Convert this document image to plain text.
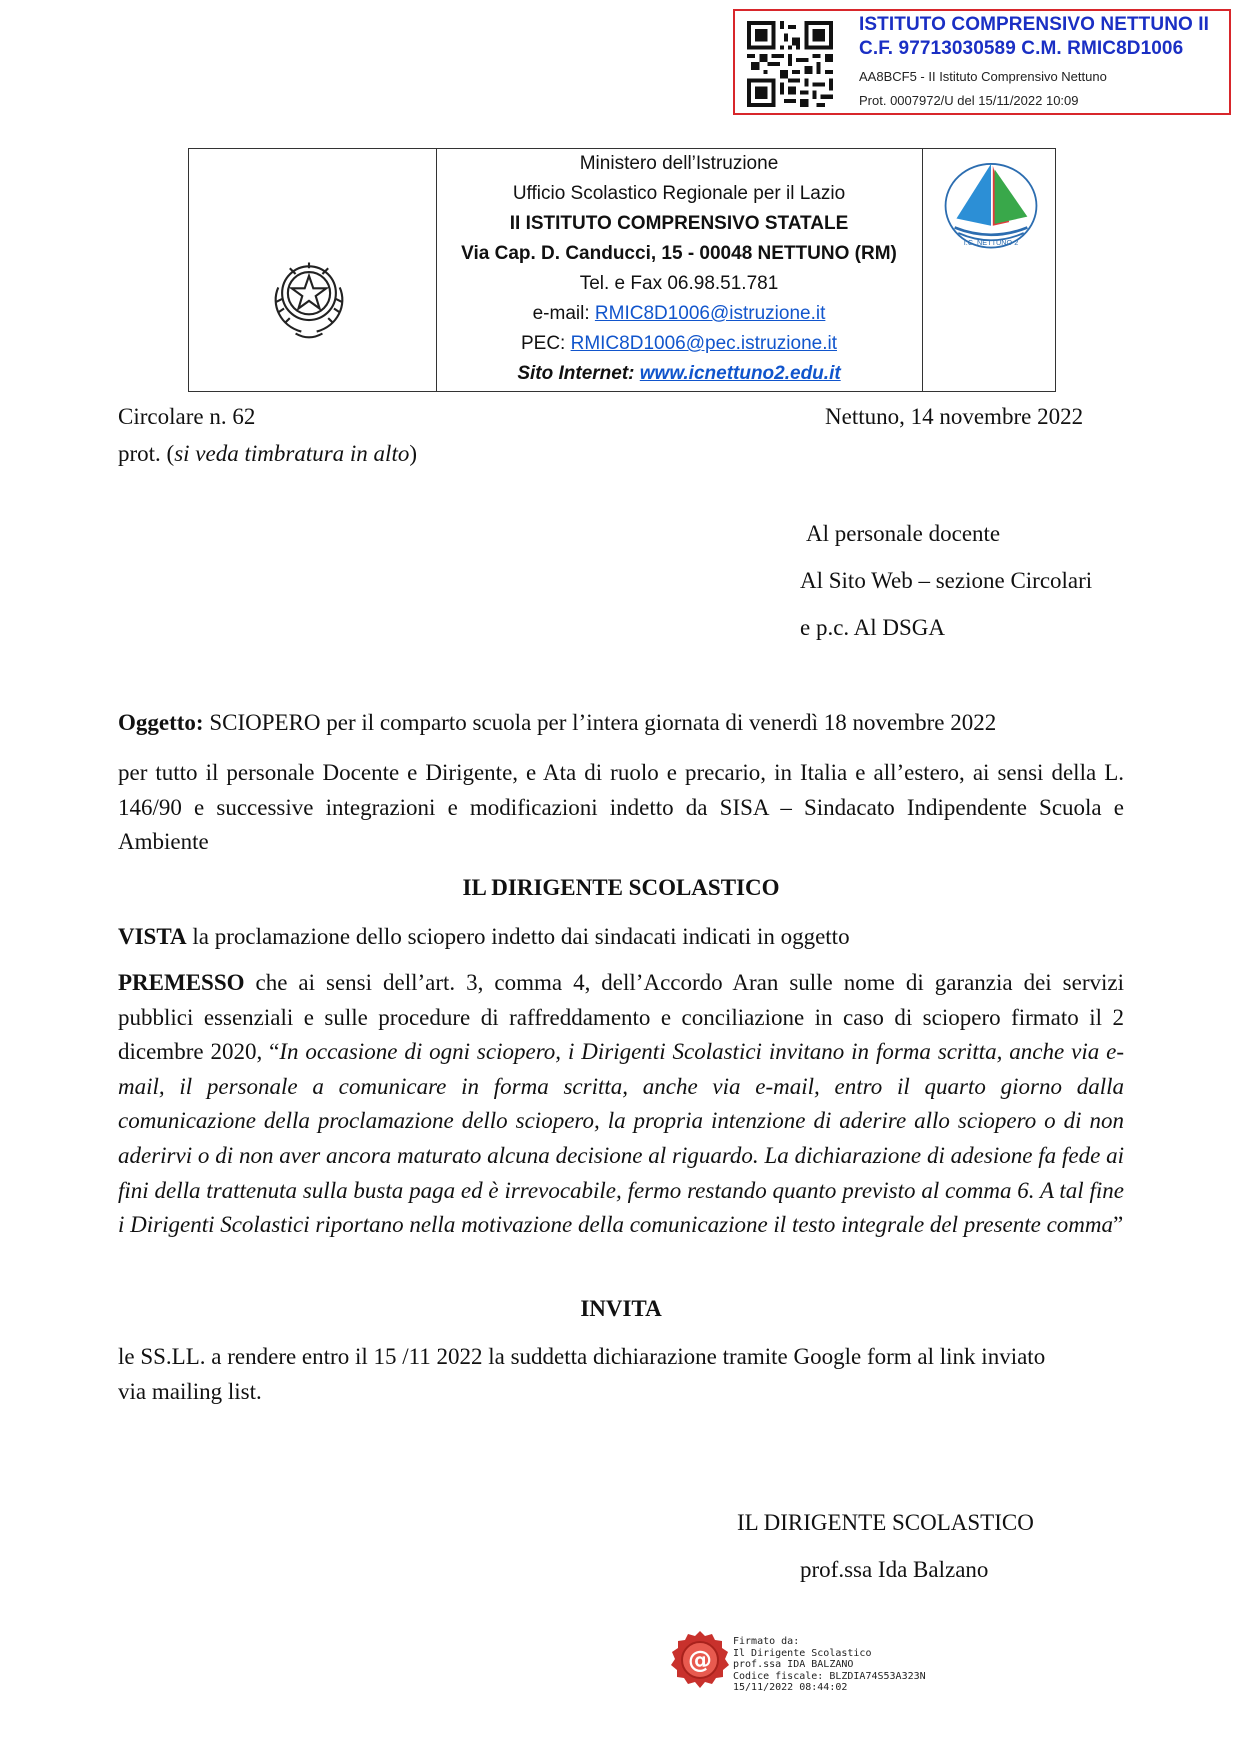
ISTITUTO COMPRENSIVO NETTUNO II
C.F. 97713030589 C.M. RMIC8D1006
AA8BCF5 - II Istituto Comprensivo Nettuno
Prot. 0007972/U del 15/11/2022 10:09
Ministero dell’Istruzione
Ufficio Scolastico Regionale per il Lazio
II ISTITUTO COMPRENSIVO STATALE
Via Cap. D. Canducci, 15 - 00048 NETTUNO (RM)
Tel. e Fax 06.98.51.781
e-mail: RMIC8D1006@istruzione.it
PEC: RMIC8D1006@pec.istruzione.it
Sito Internet: www.icnettuno2.edu.it
I.C. NETTUNO 2
Circolare n. 62	Nettuno, 14 novembre 2022
prot. (si veda timbratura in alto)
Al personale docente
Al Sito Web – sezione Circolari
e p.c. Al DSGA
Oggetto: SCIOPERO per il comparto scuola per l’intera giornata di venerdì 18 novembre 2022

per tutto il personale Docente e Dirigente, e Ata di ruolo e precario, in Italia e all’estero, ai sensi della L. 146/90 e successive integrazioni e modificazioni indetto da SISA – Sindacato Indipendente Scuola e Ambiente

IL DIRIGENTE SCOLASTICO
VISTA la proclamazione dello sciopero indetto dai sindacati indicati in oggetto

PREMESSO che ai sensi dell’art. 3, comma 4, dell’Accordo Aran sulle nome di garanzia dei servizi pubblici essenziali e sulle procedure di raffreddamento e conciliazione in caso di sciopero firmato il 2 dicembre 2020, “In occasione di ogni sciopero, i Dirigenti Scolastici invitano in forma scritta, anche via e-mail, il personale a comunicare in forma scritta, anche via e-mail, entro il quarto giorno dalla comunicazione della proclamazione dello sciopero, la propria intenzione di aderire allo sciopero o di non aderirvi o di non aver ancora maturato alcuna decisione al riguardo. La dichiarazione di adesione fa fede ai fini della trattenuta sulla busta paga ed è irrevocabile, fermo restando quanto previsto al comma 6. A tal fine i Dirigenti Scolastici riportano nella motivazione della comunicazione il testo integrale del presente comma”

INVITA

le SS.LL. a rendere entro il 15 /11 2022 la suddetta dichiarazione tramite Google form al link inviato via mailing list.

IL DIRIGENTE SCOLASTICO
prof.ssa Ida Balzano
@
Firmato da:
Il Dirigente Scolastico
prof.ssa IDA BALZANO
Codice fiscale: BLZDIA74S53A323N
15/11/2022 08:44:02
